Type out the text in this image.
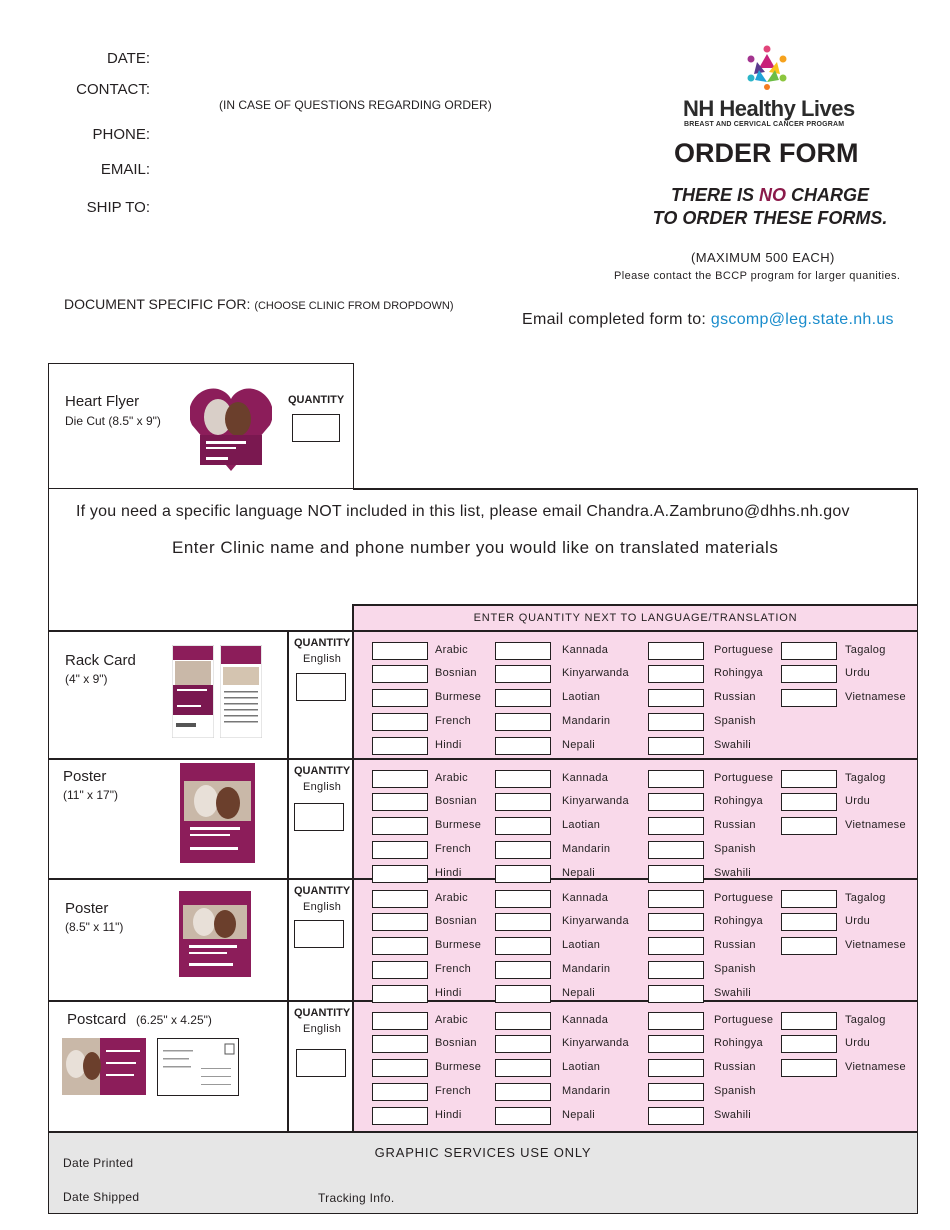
DATE:
CONTACT:
(IN CASE OF QUESTIONS REGARDING ORDER)
PHONE:
EMAIL:
SHIP TO:
DOCUMENT SPECIFIC FOR: (CHOOSE CLINIC FROM DROPDOWN)
NH Healthy Lives
BREAST AND CERVICAL CANCER PROGRAM
ORDER FORM
THERE IS NO CHARGE
TO ORDER THESE FORMS.
(MAXIMUM 500 EACH)
Please contact the BCCP program for larger quanities.
Email completed form to: gscomp@leg.state.nh.us
Heart Flyer
Die Cut (8.5" x 9")
QUANTITY
If you need a specific language NOT included in this list, please email Chandra.A.Zambruno@dhhs.nh.gov
Enter Clinic name and phone number you would like on translated materials
ENTER QUANTITY NEXT TO LANGUAGE/TRANSLATION
Rack Card
(4" x 9")
QUANTITY
English
Arabic
Bosnian
Burmese
French
Hindi
Kannada
Kinyarwanda
Laotian
Mandarin
Nepali
Portuguese
Rohingya
Russian
Spanish
Swahili
Tagalog
Urdu
Vietnamese
Poster
(11" x 17")
QUANTITY
English
Arabic
Bosnian
Burmese
French
Hindi
Kannada
Kinyarwanda
Laotian
Mandarin
Nepali
Portuguese
Rohingya
Russian
Spanish
Swahili
Tagalog
Urdu
Vietnamese
Poster
(8.5" x 11")
QUANTITY
English
Arabic
Bosnian
Burmese
French
Hindi
Kannada
Kinyarwanda
Laotian
Mandarin
Nepali
Portuguese
Rohingya
Russian
Spanish
Swahili
Tagalog
Urdu
Vietnamese
Postcard (6.25" x 4.25")	QUANTITY
English
Arabic
Bosnian
Burmese
French
Hindi
Kannada
Kinyarwanda
Laotian
Mandarin
Nepali
Portuguese
Rohingya
Russian
Spanish
Swahili
Tagalog
Urdu
Vietnamese
GRAPHIC SERVICES USE ONLY
Date Printed
Date Shipped	Tracking Info.
